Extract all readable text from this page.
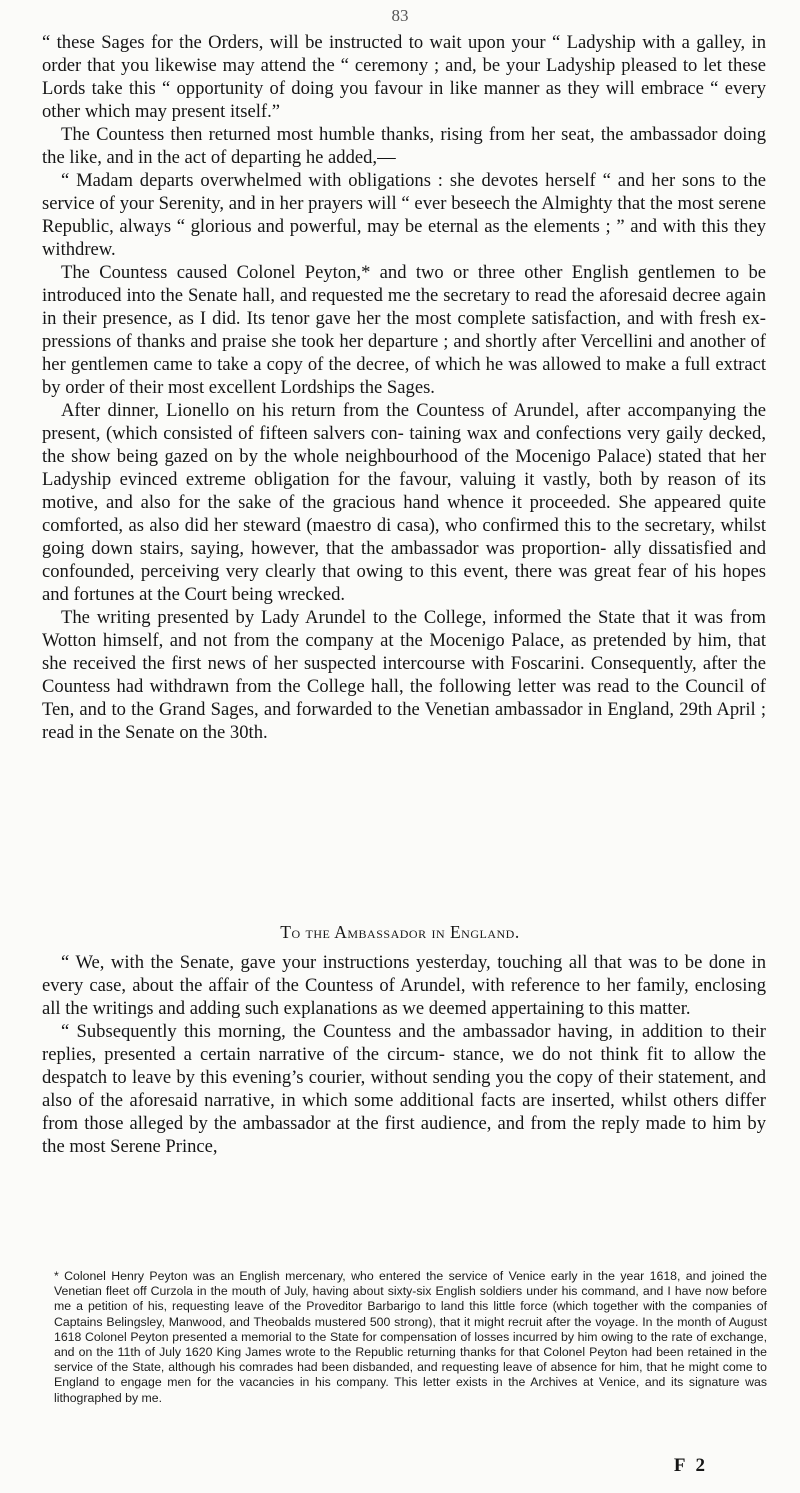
83

“ these Sages for the Orders, will be instructed to wait upon your “ Ladyship with a galley, in order that you likewise may attend the “ ceremony ; and, be your Ladyship pleased to let these Lords take this “ opportunity of doing you favour in like manner as they will embrace “ every other which may present itself.”

The Countess then returned most humble thanks, rising from her seat, the ambassador doing the like, and in the act of departing he added,—

“ Madam departs overwhelmed with obligations : she devotes herself “ and her sons to the service of your Serenity, and in her prayers will “ ever beseech the Almighty that the most serene Republic, always “ glorious and powerful, may be eternal as the elements ; ” and with this they withdrew.

The Countess caused Colonel Peyton,* and two or three other English gentlemen to be introduced into the Senate hall, and requested me the secretary to read the aforesaid decree again in their presence, as I did. Its tenor gave her the most complete satisfaction, and with fresh ex- pressions of thanks and praise she took her departure ; and shortly after Vercellini and another of her gentlemen came to take a copy of the decree, of which he was allowed to make a full extract by order of their most excellent Lordships the Sages.

After dinner, Lionello on his return from the Countess of Arundel, after accompanying the present, (which consisted of fifteen salvers con- taining wax and confections very gaily decked, the show being gazed on by the whole neighbourhood of the Mocenigo Palace) stated that her Ladyship evinced extreme obligation for the favour, valuing it vastly, both by reason of its motive, and also for the sake of the gracious hand whence it proceeded. She appeared quite comforted, as also did her steward (maestro di casa), who confirmed this to the secretary, whilst going down stairs, saying, however, that the ambassador was proportion- ally dissatisfied and confounded, perceiving very clearly that owing to this event, there was great fear of his hopes and fortunes at the Court being wrecked.

The writing presented by Lady Arundel to the College, informed the State that it was from Wotton himself, and not from the company at the Mocenigo Palace, as pretended by him, that she received the first news of her suspected intercourse with Foscarini. Consequently, after the Countess had withdrawn from the College hall, the following letter was read to the Council of Ten, and to the Grand Sages, and forwarded to the Venetian ambassador in England, 29th April ; read in the Senate on the 30th.

To the Ambassador in England.

“ We, with the Senate, gave your instructions yesterday, touching all that was to be done in every case, about the affair of the Countess of Arundel, with reference to her family, enclosing all the writings and adding such explanations as we deemed appertaining to this matter.

“ Subsequently this morning, the Countess and the ambassador having, in addition to their replies, presented a certain narrative of the circum- stance, we do not think fit to allow the despatch to leave by this evening’s courier, without sending you the copy of their statement, and also of the aforesaid narrative, in which some additional facts are inserted, whilst others differ from those alleged by the ambassador at the first audience, and from the reply made to him by the most Serene Prince,

* Colonel Henry Peyton was an English mercenary, who entered the service of Venice early in the year 1618, and joined the Venetian fleet off Curzola in the mouth of July, having about sixty-six English soldiers under his command, and I have now before me a petition of his, requesting leave of the Proveditor Barbarigo to land this little force (which together with the companies of Captains Belingsley, Manwood, and Theobalds mustered 500 strong), that it might recruit after the voyage. In the month of August 1618 Colonel Peyton presented a memorial to the State for compensation of losses incurred by him owing to the rate of exchange, and on the 11th of July 1620 King James wrote to the Republic returning thanks for that Colonel Peyton had been retained in the service of the State, although his comrades had been disbanded, and requesting leave of absence for him, that he might come to England to engage men for the vacancies in his company. This letter exists in the Archives at Venice, and its signature was lithographed by me.
F 2
